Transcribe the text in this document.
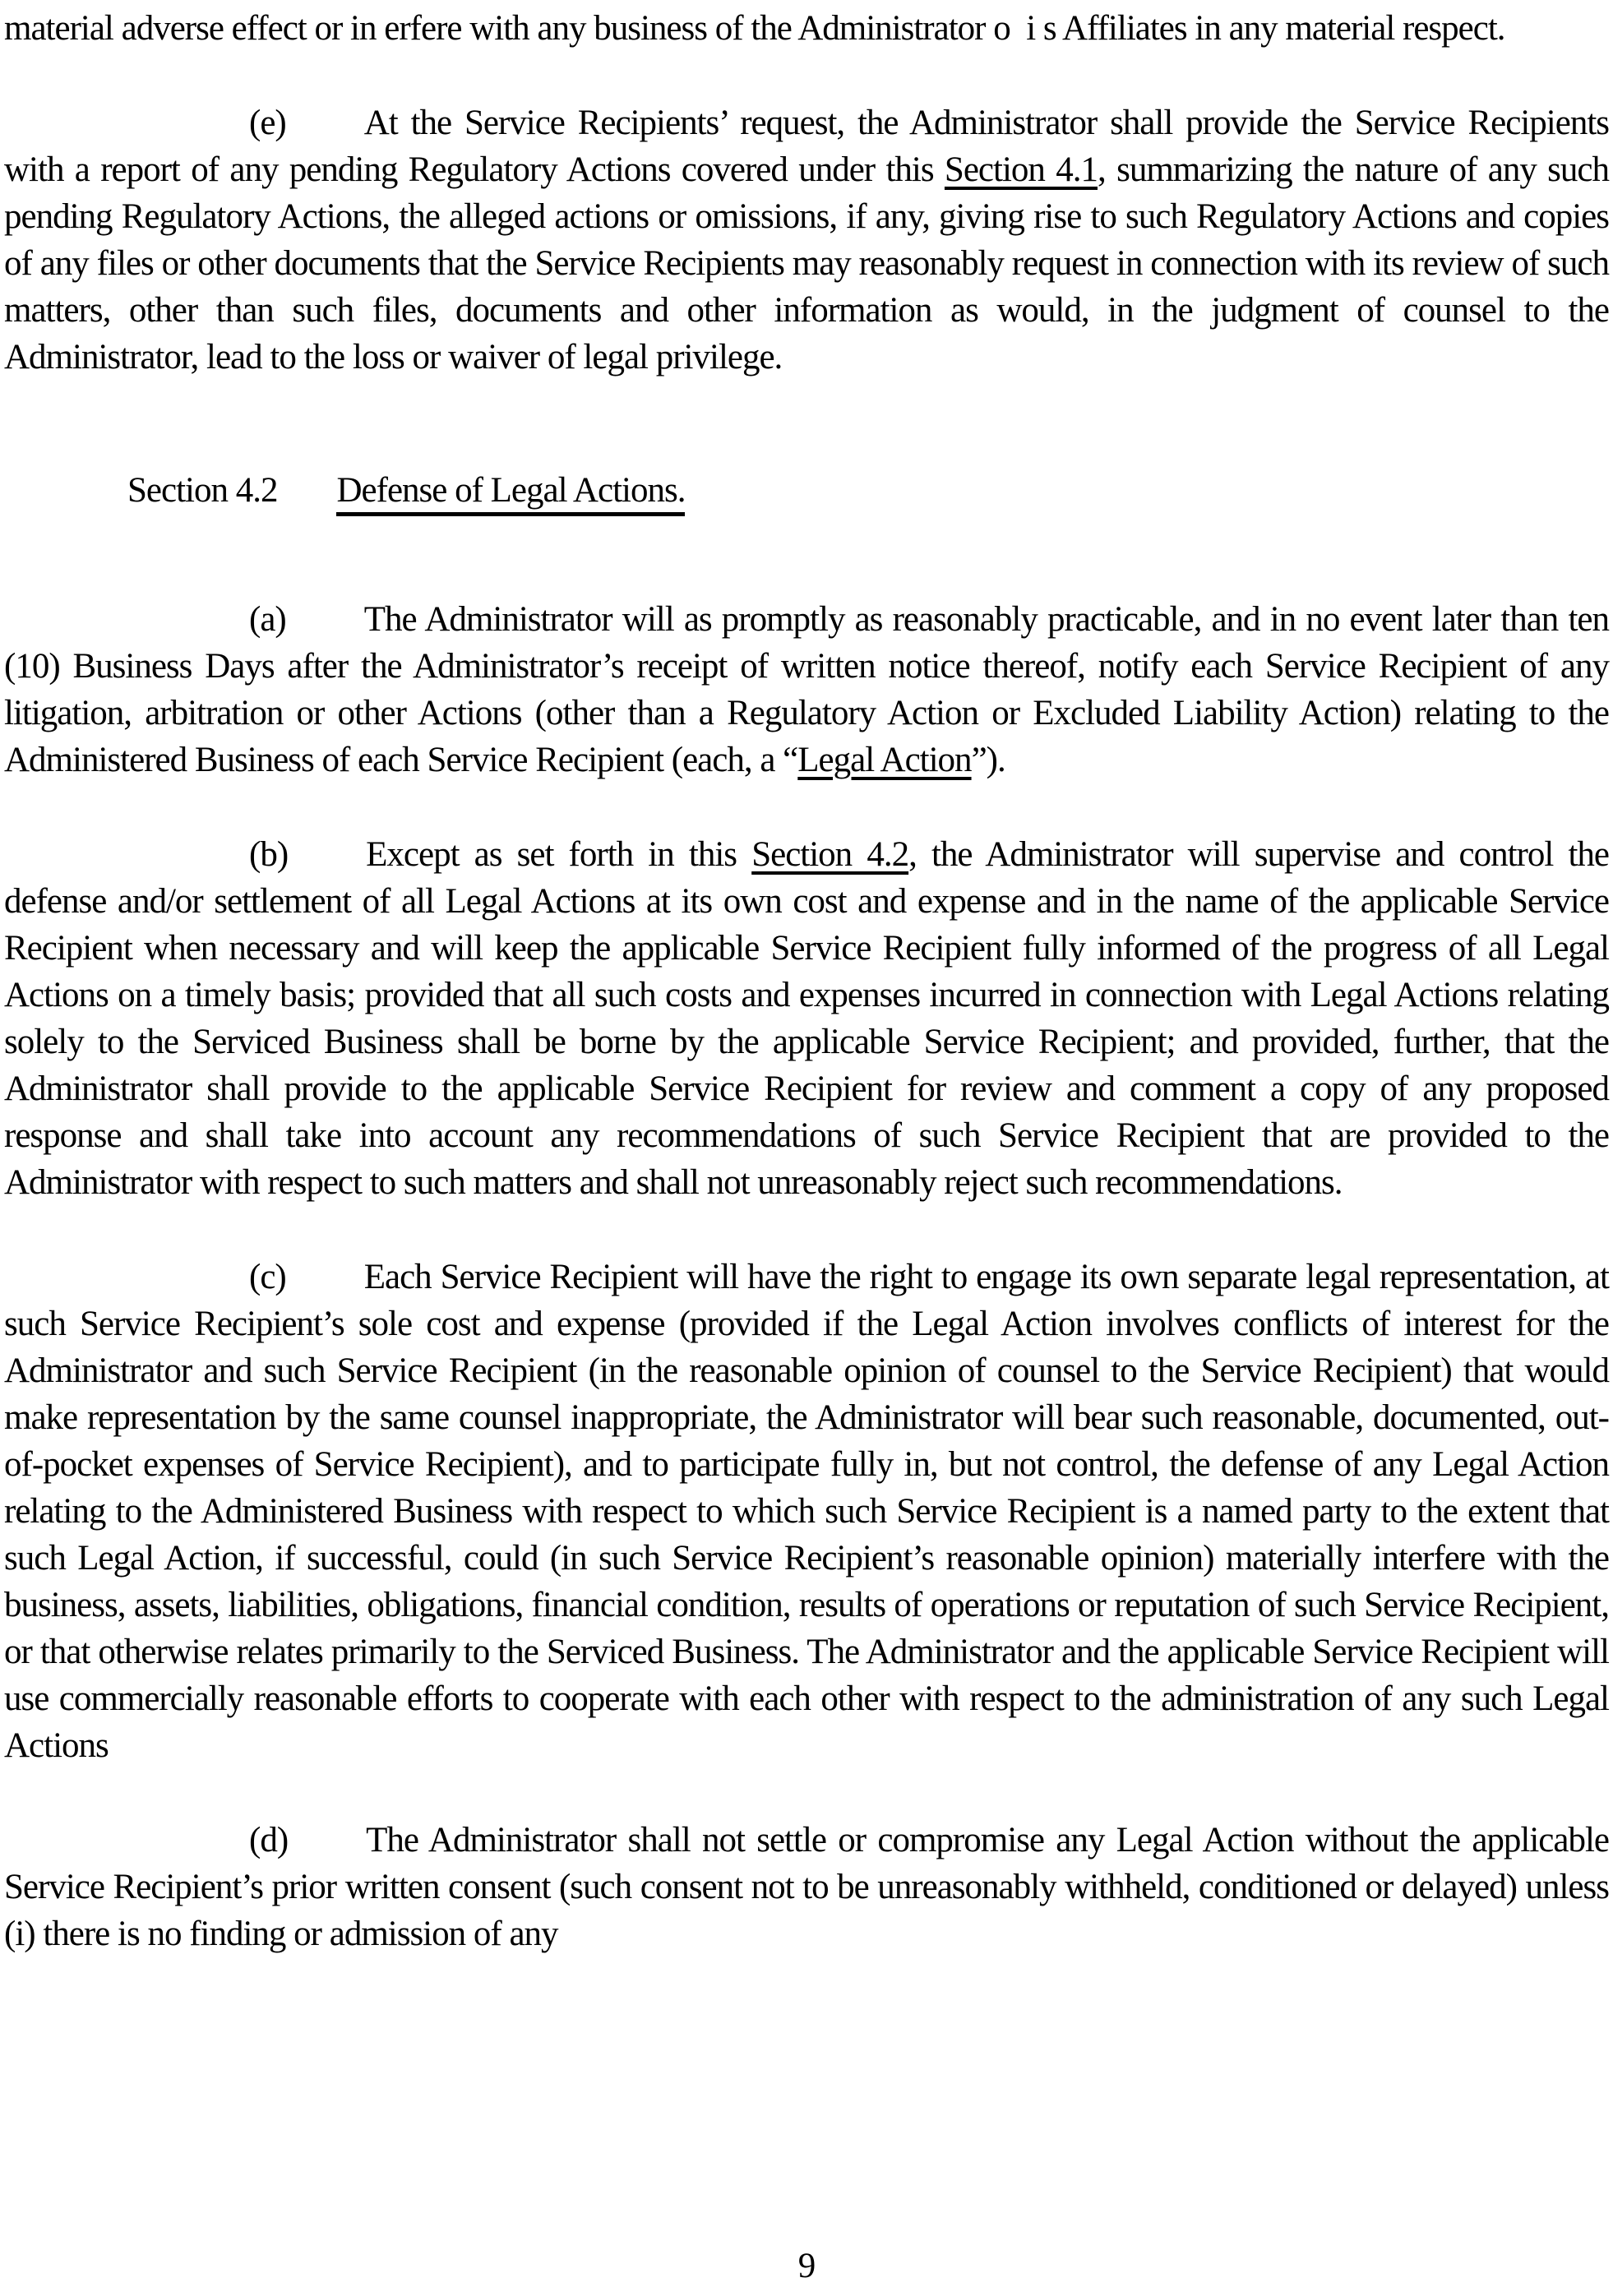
material adverse effect or in erfere with any business of the Administrator o  i s Affiliates in any material respect.

(e) At the Service Recipients’ request, the Administrator shall provide the Service Recipients with a report of any pending Regulatory Actions covered under this Section 4.1, summarizing the nature of any such pending Regulatory Actions, the alleged actions or omissions, if any, giving rise to such Regulatory Actions and copies of any files or other documents that the Service Recipients may reasonably request in connection with its review of such matters, other than such files, documents and other information as would, in the judgment of counsel to the Administrator, lead to the loss or waiver of legal privilege.

Section 4.2 Defense of Legal Actions.

(a) The Administrator will as promptly as reasonably practicable, and in no event later than ten (10) Business Days after the Administrator’s receipt of written notice thereof, notify each Service Recipient of any litigation, arbitration or other Actions (other than a Regulatory Action or Excluded Liability Action) relating to the Administered Business of each Service Recipient (each, a “Legal Action”).

(b) Except as set forth in this Section 4.2, the Administrator will supervise and control the defense and/or settlement of all Legal Actions at its own cost and expense and in the name of the applicable Service Recipient when necessary and will keep the applicable Service Recipient fully informed of the progress of all Legal Actions on a timely basis; provided that all such costs and expenses incurred in connection with Legal Actions relating solely to the Serviced Business shall be borne by the applicable Service Recipient; and provided, further, that the Administrator shall provide to the applicable Service Recipient for review and comment a copy of any proposed response and shall take into account any recommendations of such Service Recipient that are provided to the Administrator with respect to such matters and shall not unreasonably reject such recommendations.

(c) Each Service Recipient will have the right to engage its own separate legal representation, at such Service Recipient’s sole cost and expense (provided if the Legal Action involves conflicts of interest for the Administrator and such Service Recipient (in the reasonable opinion of counsel to the Service Recipient) that would make representation by the same counsel inappropriate, the Administrator will bear such reasonable, documented, out-of-pocket expenses of Service Recipient), and to participate fully in, but not control, the defense of any Legal Action relating to the Administered Business with respect to which such Service Recipient is a named party to the extent that such Legal Action, if successful, could (in such Service Recipient’s reasonable opinion) materially interfere with the business, assets, liabilities, obligations, financial condition, results of operations or reputation of such Service Recipient, or that otherwise relates primarily to the Serviced Business. The Administrator and the applicable Service Recipient will use commercially reasonable efforts to cooperate with each other with respect to the administration of any such Legal Actions

(d) The Administrator shall not settle or compromise any Legal Action without the applicable Service Recipient’s prior written consent (such consent not to be unreasonably withheld, conditioned or delayed) unless (i) there is no finding or admission of any

9
